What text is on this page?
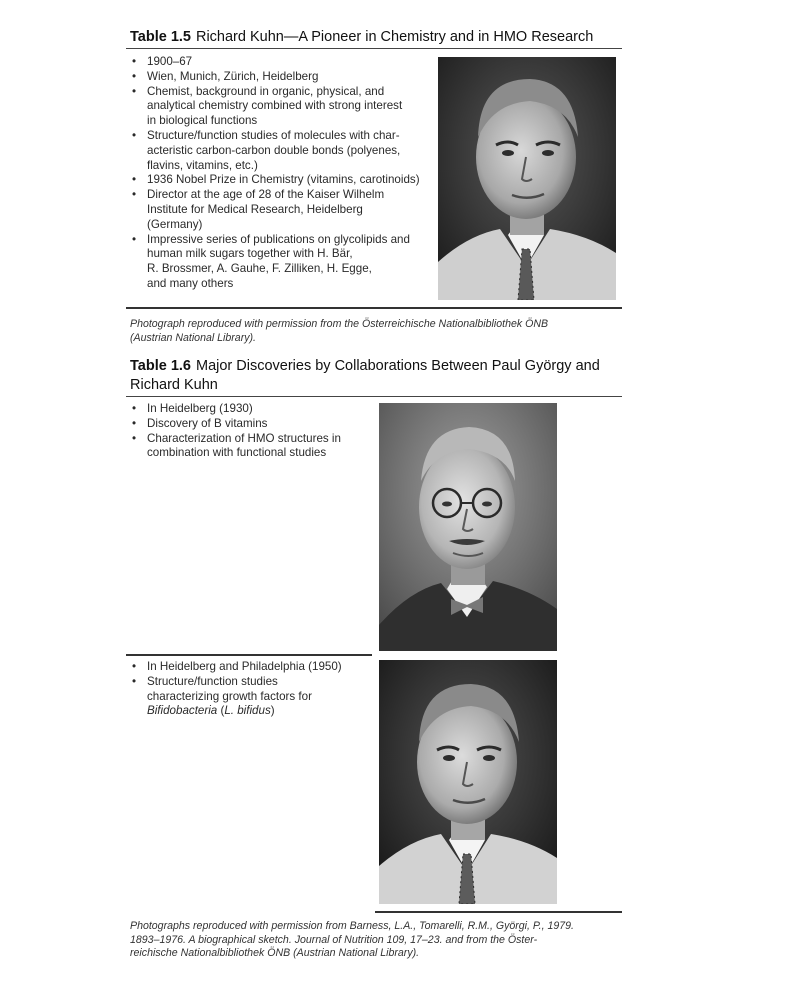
Table 1.5 Richard Kuhn—A Pioneer in Chemistry and in HMO Research
• 1900–67
• Wien, Munich, Zürich, Heidelberg
• Chemist, background in organic, physical, and
analytical chemistry combined with strong interest
in biological functions
• Structure/function studies of molecules with char-
acteristic carbon-carbon double bonds (polyenes,
flavins, vitamins, etc.)
• 1936 Nobel Prize in Chemistry (vitamins, carotinoids)
• Director at the age of 28 of the Kaiser Wilhelm
Institute for Medical Research, Heidelberg
(Germany)
• Impressive series of publications on glycolipids and
human milk sugars together with H. Bär,
R. Brossmer, A. Gauhe, F. Zilliken, H. Egge,
and many others
Photograph reproduced with permission from the Österreichische Nationalbibliothek ÖNB
(Austrian National Library).
Table 1.6 Major Discoveries by Collaborations Between Paul György and
Richard Kuhn
• In Heidelberg (1930)
• Discovery of B vitamins
• Characterization of HMO structures in
combination with functional studies
• In Heidelberg and Philadelphia (1950)
• Structure/function studies
characterizing growth factors for
Bifidobacteria (L. bifidus)
Photographs reproduced with permission from Barness, L.A., Tomarelli, R.M., Györgi, P., 1979.
1893–1976. A biographical sketch. Journal of Nutrition 109, 17–23. and from the Öster-
reichische Nationalbibliothek ÖNB (Austrian National Library).
